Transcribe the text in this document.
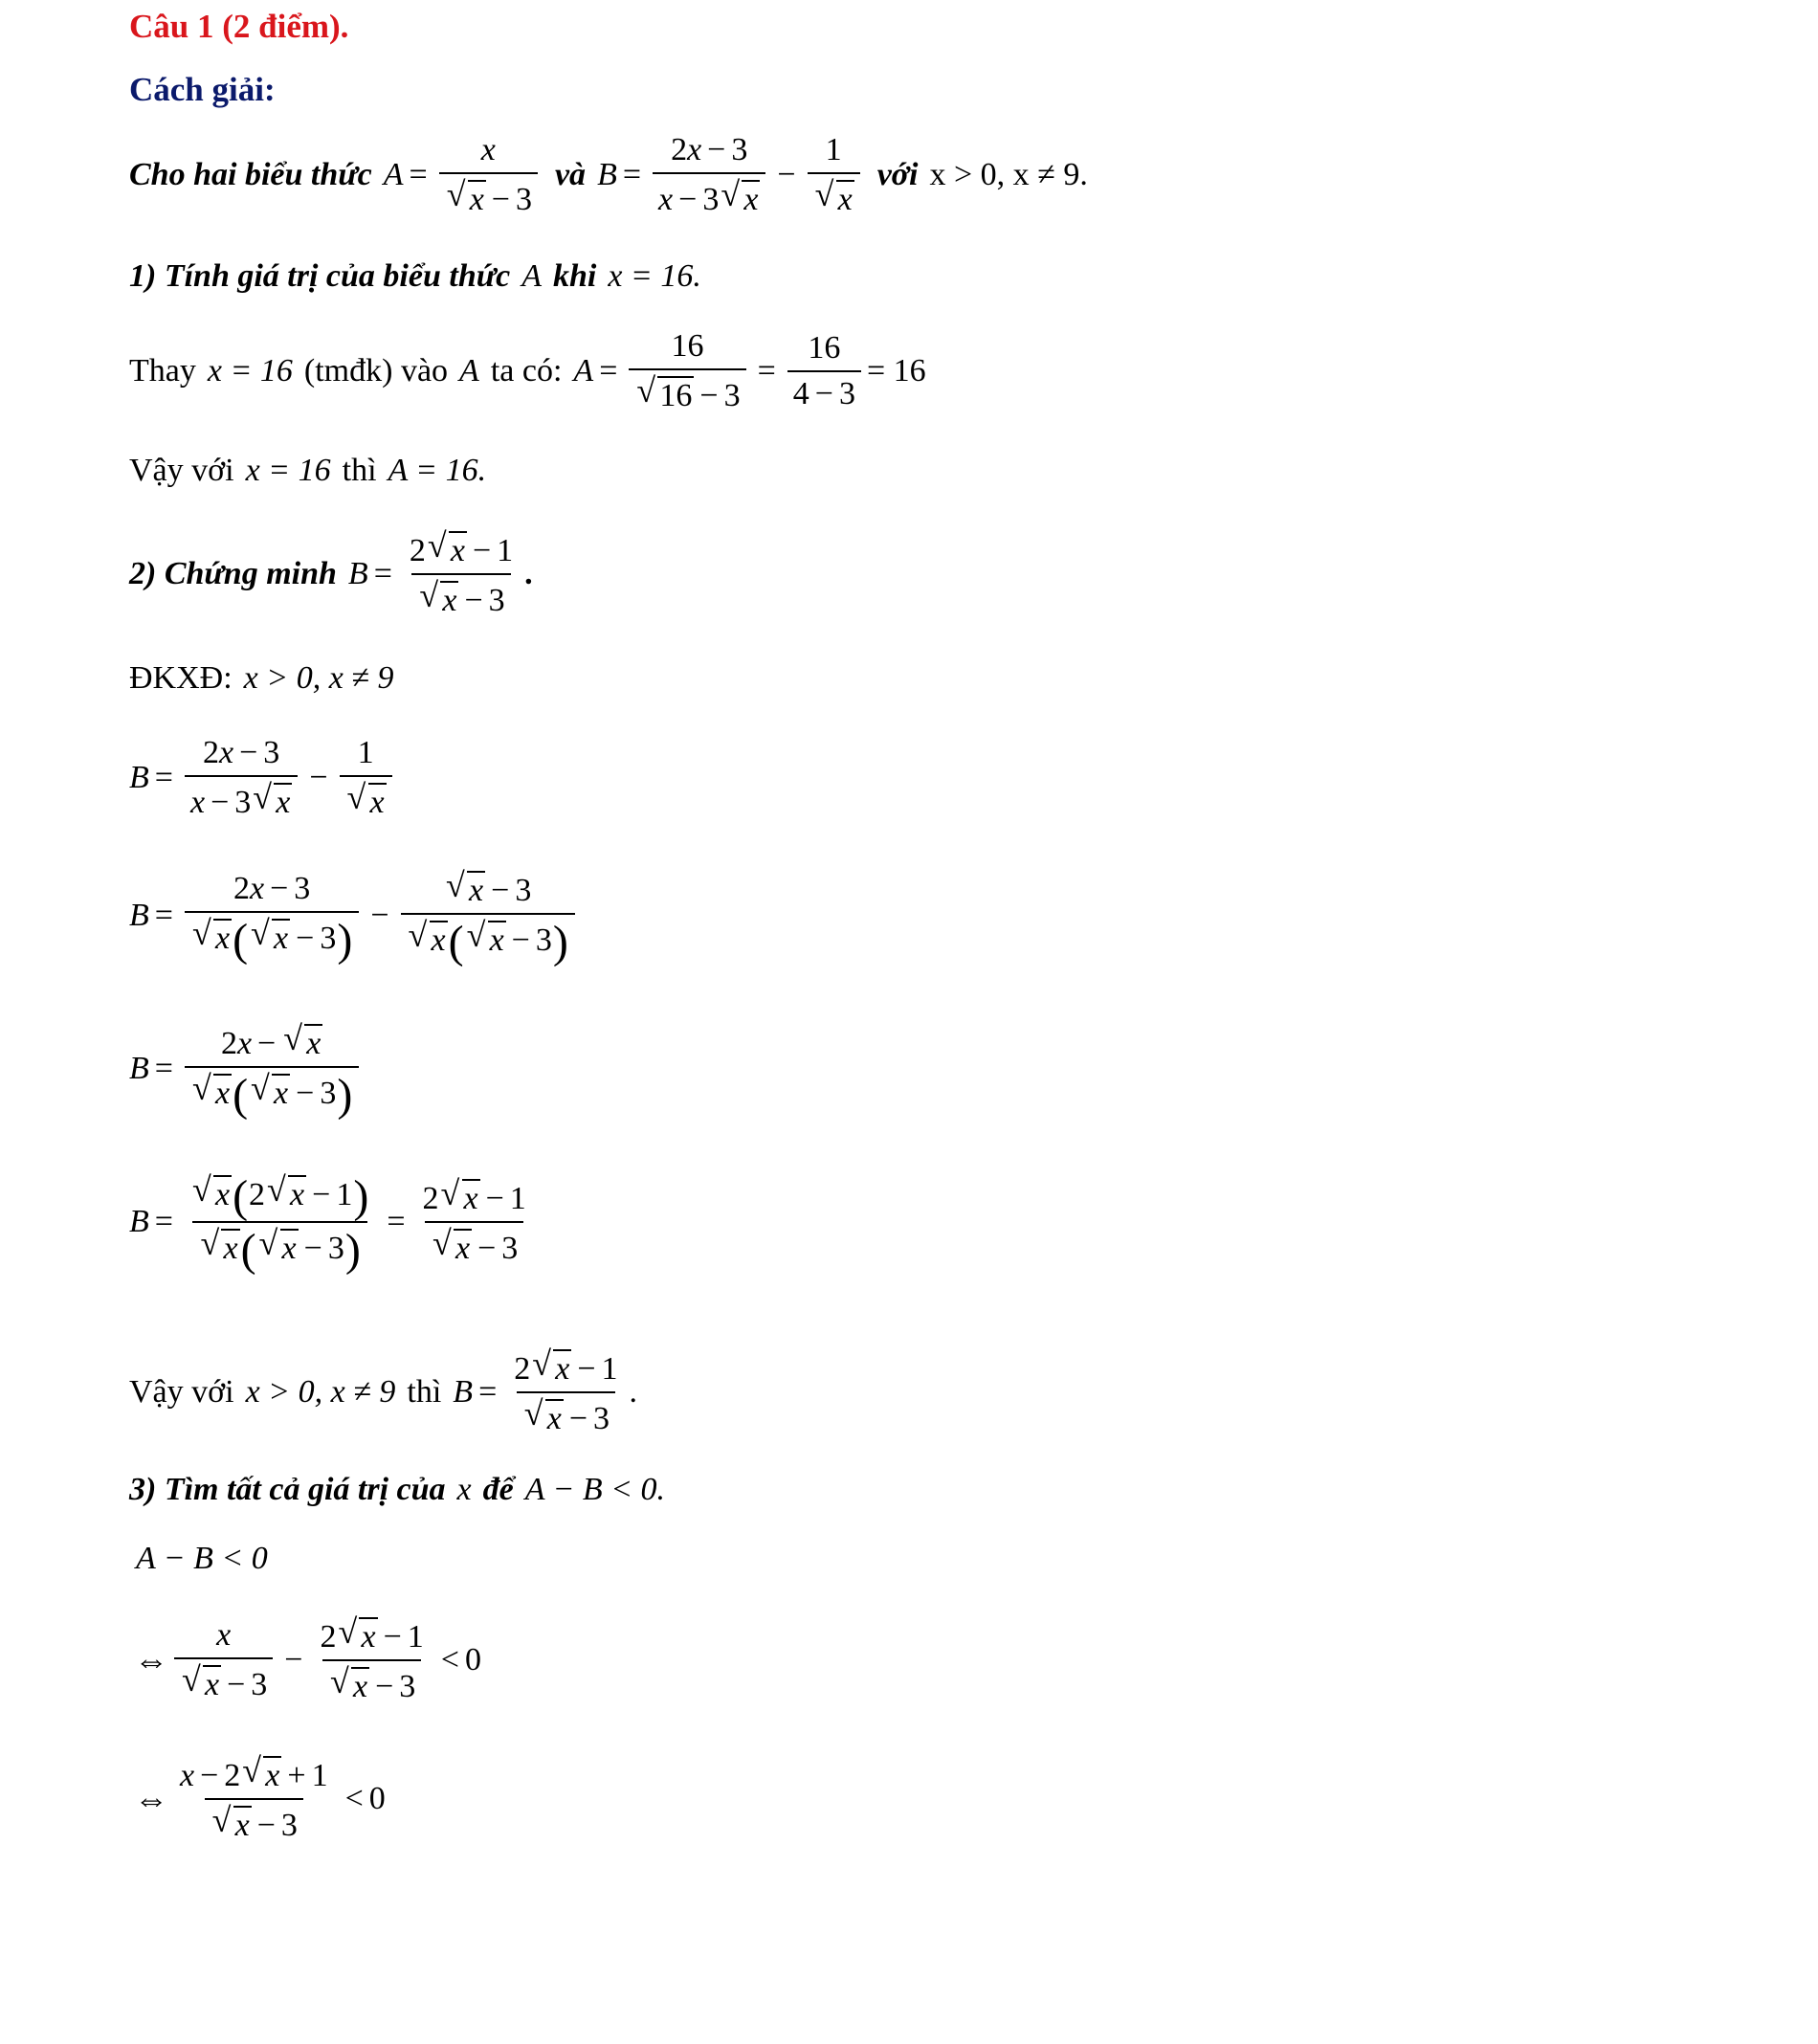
Câu 1 (2 điểm).
Cách giải:
Cho hai biểu thức A = x
√ x − 3 và $B = \frac{2x - 3}{x - 3 √ x} - 1$
√ x với x > 0, x ≠ 9.
1) Tính giá trị của biểu thức A khi x = 16.
Thay x = 16 (tmđk) vào A ta có: A = 16
√ $16 - 3 = \frac{16}{4 - 3} = 16$
Vậy với x = 16 thì A = 16.
2) Chứng minh B = 2 √ x − 1
√ x − 3 .
ĐKXĐ: x > 0, x ≠ 9
$B = \frac{2x - 3}{x - 3 √ x} - 1$
√ x
B = 2x − 3
√ x( √ x − 3) − √ x − 3
√ x( √ x − 3)
B = 2x − √ x
√ x( √ x − 3)
B = √ x(2 √ x − 1)
√ x( √ x − 3) = 2 √ x − 1
√ x − 3
Vậy với x > 0, x ≠ 9 thì B = 2 √ x − 1
√ x − 3 .
3) Tìm tất cả giá trị của x để A − B < 0.
A − B < 0
⇔ x
√ x − 3 − 2 √ x − 1
√ x − 3 < 0
⇔ x − 2 √ x + 1
√ x − 3 < 0
